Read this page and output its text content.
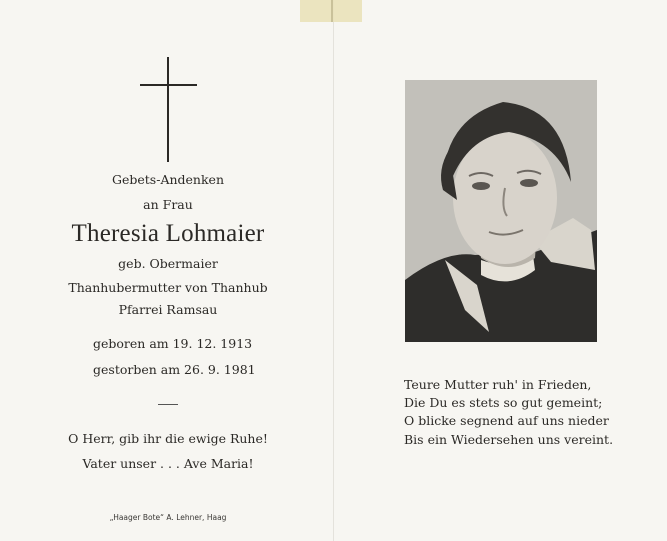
Gebets-Andenken
an Frau
Theresia Lohmaier
geb. Obermaier
Thanhubermutter von Thanhub
Pfarrei Ramsau
geboren am 19. 12. 1913
gestorben am 26. 9. 1981
O Herr, gib ihr die ewige Ruhe!
Vater unser . . . Ave Maria!
„Haager Bote“ A. Lehner, Haag
Teure Mutter ruh' in Frieden,
Die Du es stets so gut gemeint;
O blicke segnend auf uns nieder
Bis ein Wiedersehen uns vereint.
